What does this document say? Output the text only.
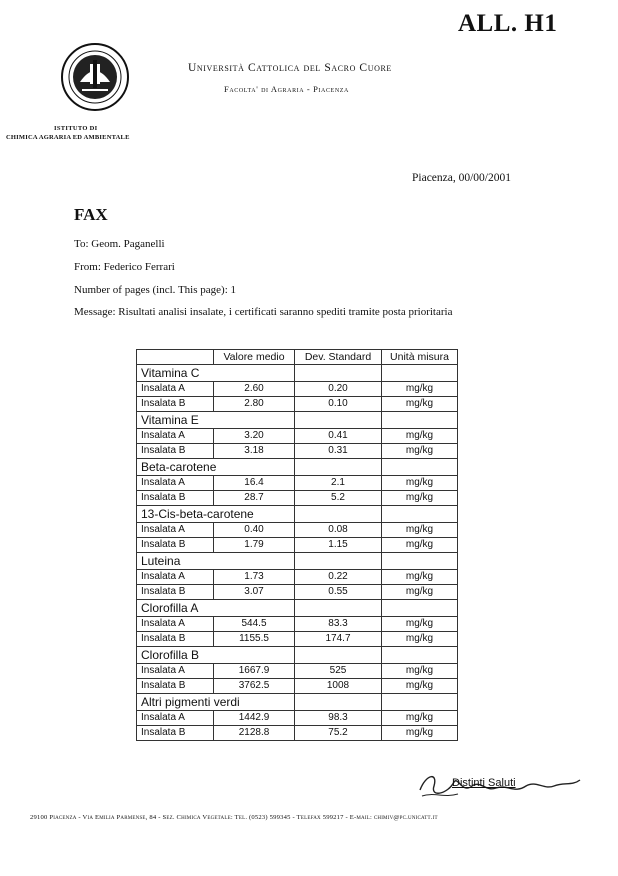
ALL. H1
Università Cattolica del Sacro Cuore
Facolta' di Agraria - Piacenza
ISTITUTO DI
CHIMICA AGRARIA ED AMBIENTALE
Piacenza, 00/00/2001
FAX
To: Geom. Paganelli
From: Federico Ferrari
Number of pages (incl. This page): 1
Message: Risultati analisi insalate, i certificati saranno spediti tramite posta prioritaria
	Valore medio	Dev. Standard	Unità misura
Vitamina C			
Insalata A	2.60	0.20	mg/kg
Insalata B	2.80	0.10	mg/kg
Vitamina E			
Insalata A	3.20	0.41	mg/kg
Insalata B	3.18	0.31	mg/kg
Beta-carotene			
Insalata A	16.4	2.1	mg/kg
Insalata B	28.7	5.2	mg/kg
13-Cis-beta-carotene			
Insalata A	0.40	0.08	mg/kg
Insalata B	1.79	1.15	mg/kg
Luteina			
Insalata A	1.73	0.22	mg/kg
Insalata B	3.07	0.55	mg/kg
Clorofilla A			
Insalata A	544.5	83.3	mg/kg
Insalata B	1155.5	174.7	mg/kg
Clorofilla B			
Insalata A	1667.9	525	mg/kg
Insalata B	3762.5	1008	mg/kg
Altri pigmenti verdi			
Insalata A	1442.9	98.3	mg/kg
Insalata B	2128.8	75.2	mg/kg
Distinti Saluti
29100 Piacenza - Via Emilia Parmense, 84 - Sez. Chimica Vegetale: Tel. (0523) 599345 - Telefax 599217 - E-mail: chimiv@pc.unicatt.it
